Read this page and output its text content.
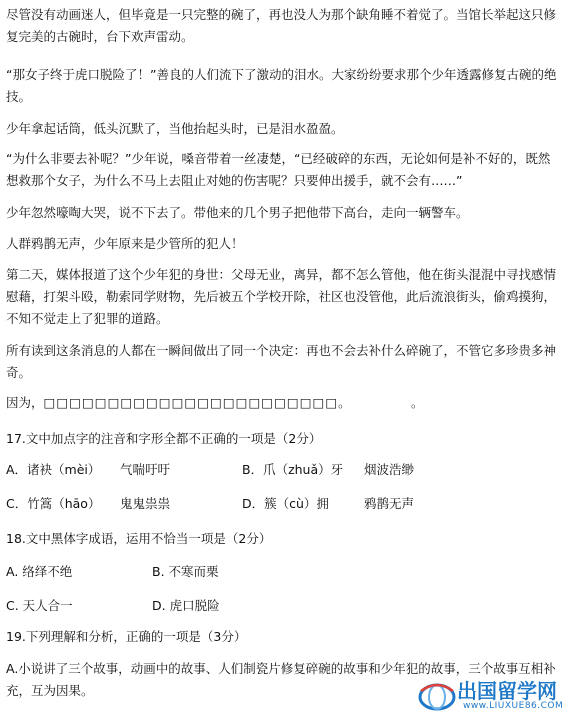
尽管没有动画迷人，但毕竟是一只完整的碗了，再也没人为那个缺角睡不着觉了。当馆长举起这只修复完美的古碗时，台下欢声雷动。

“那女子终于虎口脱险了！”善良的人们流下了激动的泪水。大家纷纷要求那个少年透露修复古碗的绝技。

少年拿起话筒，低头沉默了，当他抬起头时，已是泪水盈盈。

“为什么非要去补呢？”少年说，嗓音带着一丝凄楚，“已经破碎的东西，无论如何是补不好的，既然想救那个女子，为什么不马上去阻止对她的伤害呢？只要伸出援手，就不会有……”

少年忽然嚎啕大哭，说不下去了。带他来的几个男子把他带下高台，走向一辆警车。

人群鸦鹊无声，少年原来是少管所的犯人！

第二天，媒体报道了这个少年犯的身世：父母无业，离异，都不怎么管他，他在街头混混中寻找感情慰藉，打架斗殴，勒索同学财物，先后被五个学校开除，社区也没管他，此后流浪街头，偷鸡摸狗，不知不觉走上了犯罪的道路。

所有读到这条消息的人都在一瞬间做出了同一个决定：再也不会去补什么碎碗了，不管它多珍贵多神奇。

因为，□□□□□□□□□□□□□□□□□□□□□□□。	。
17.文中加点字的注音和字形全都不正确的一项是（2分）
A．诸袂（mèi） 气喘吁吁	B．爪（zhuǎ）牙 烟波浩缈
C．竹篙（hāo） 鬼鬼祟祟	D．簇（cù）拥	鸦鹊无声
18.文中黑体字成语，运用不恰当一项是（2分）
A. 络绎不绝	B. 不寒而栗
C. 天人合一	D. 虎口脱险
19.下列理解和分析，正确的一项是（3分）
A.小说讲了三个故事，动画中的故事、人们制瓷片修复碎碗的故事和少年犯的故事，三个故事互相补充，互为因果。	出国留学网
www.LIUXUE86.COM
